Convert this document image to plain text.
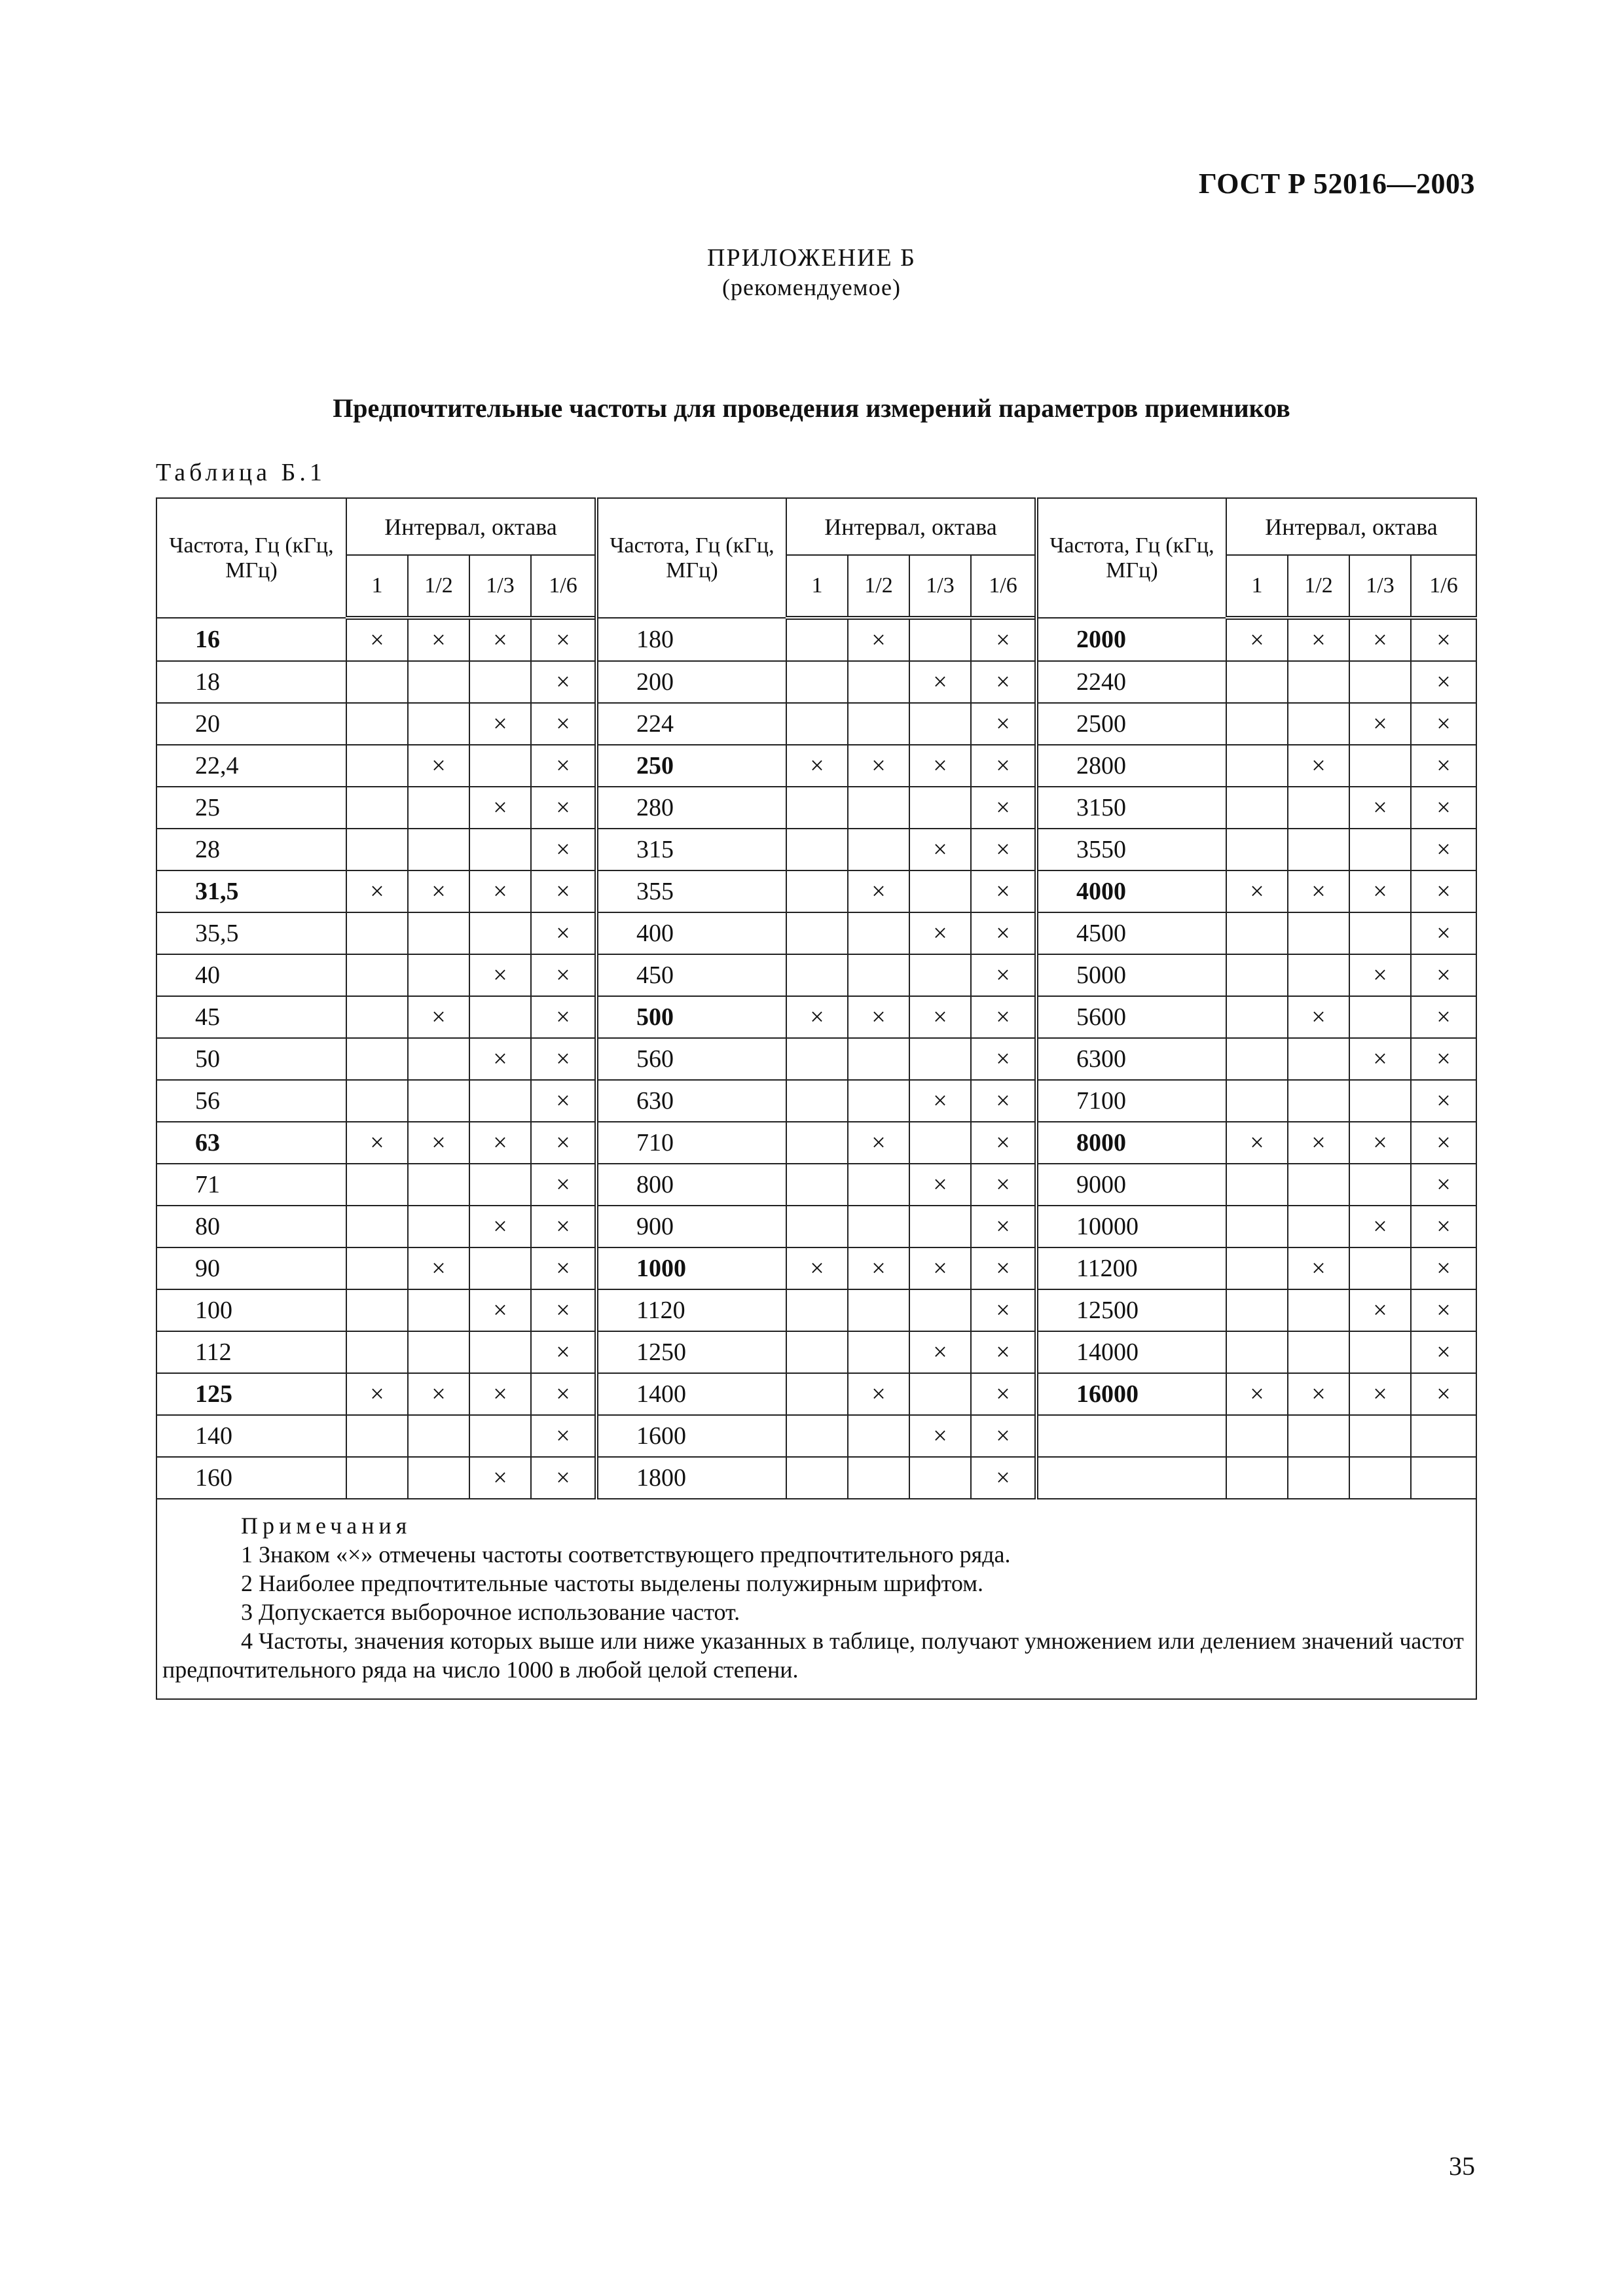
ГОСТ Р 52016—2003
ПРИЛОЖЕНИЕ Б
(рекомендуемое)
Предпочтительные частоты для проведения измерений параметров приемников
Таблица Б.1
Частота, Гц (кГц, МГц)	Интервал, октава				Частота, Гц (кГц, МГц)	Интервал, октава				Частота, Гц (кГц, МГц)	Интервал, октава			
	1	1/2	1/3	1/6		1	1/2	1/3	1/6		1	1/2	1/3	1/6
16	×	×	×	×	180		×		×	2000	×	×	×	×
18				×	200			×	×	2240				×
20			×	×	224				×	2500			×	×
22,4		×		×	250	×	×	×	×	2800		×		×
25			×	×	280				×	3150			×	×
28				×	315			×	×	3550				×
31,5	×	×	×	×	355		×		×	4000	×	×	×	×
35,5				×	400			×	×	4500				×
40			×	×	450				×	5000			×	×
45		×		×	500	×	×	×	×	5600		×		×
50			×	×	560				×	6300			×	×
56				×	630			×	×	7100				×
63	×	×	×	×	710		×		×	8000	×	×	×	×
71				×	800			×	×	9000				×
80			×	×	900				×	10000			×	×
90		×		×	1000	×	×	×	×	11200		×		×
100			×	×	1120				×	12500			×	×
112				×	1250			×	×	14000				×
125	×	×	×	×	1400		×		×	16000	×	×	×	×
140				×	1600			×	×					
160			×	×	1800				×					

Примечания
1 Знаком «×» отмечены частоты соответствующего предпочтительного ряда.
2 Наиболее предпочтительные частоты выделены полужирным шрифтом.
3 Допускается выборочное использование частот.
4 Частоты, значения которых выше или ниже указанных в таблице, получают умножением или делением значений частот предпочтительного ряда на число 1000 в любой целой степени.														
35
